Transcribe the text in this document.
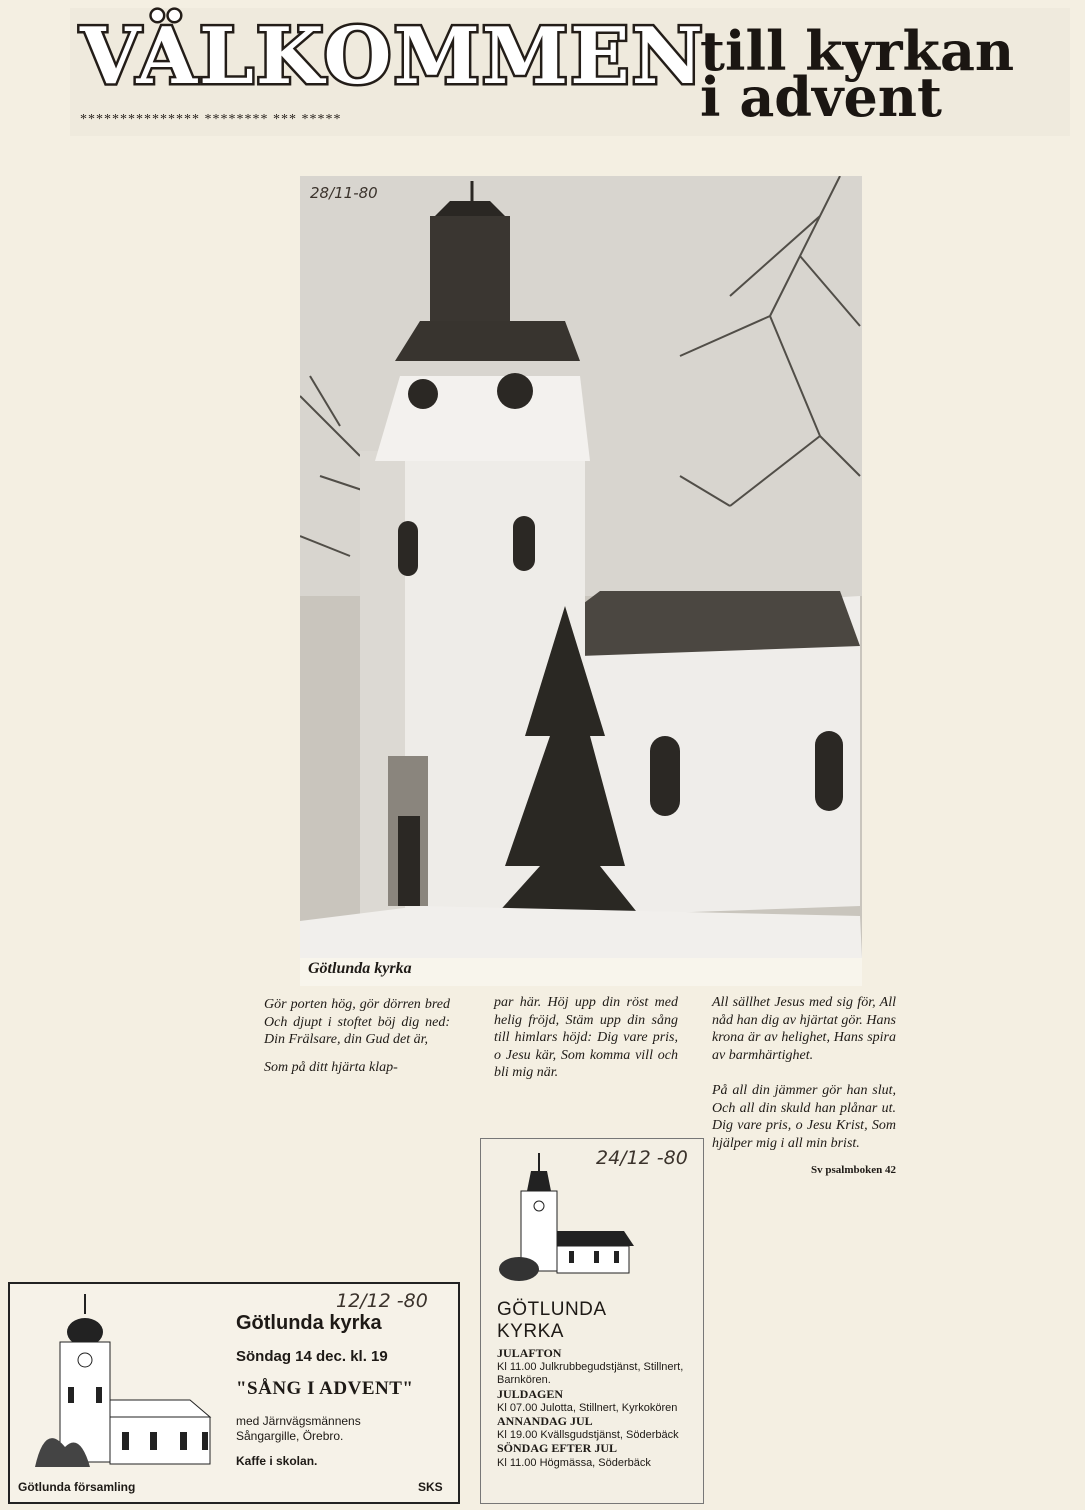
VÄLKOMMEN
*************** ******** *** *****
till kyrkan
i advent
28/11-80
Götlunda kyrka

Gör porten hög, gör dörren bred Och djupt i stoftet böj dig ned: Din Frälsare, din Gud det är,

Som på ditt hjärta klap-

par här. Höj upp din röst med helig fröjd, Stäm upp din sång till himlars höjd: Dig vare pris, o Jesu kär, Som komma vill och bli mig när.

All sällhet Jesus med sig för, All nåd han dig av hjärtat gör. Hans krona är av helighet, Hans spira av barmhärtighet.

På all din jämmer gör han slut, Och all din skuld han plånar ut. Dig vare pris, o Jesu Krist, Som hjälper mig i all min brist.

Sv psalmboken 42
24/12 -80
GÖTLUNDA
KYRKA
JULAFTON
Kl 11.00 Julkrubbegudstjänst, Stillnert, Barnkören.
JULDAGEN
Kl 07.00 Julotta, Stillnert, Kyrkokören
ANNANDAG JUL
Kl 19.00 Kvällsgudstjänst, Söderbäck
SÖNDAG EFTER JUL
Kl 11.00 Högmässa, Söderbäck
12/12 -80
Götlunda kyrka
Söndag 14 dec. kl. 19
"SÅNG I ADVENT"
med Järnvägsmännens Sångargille, Örebro.
Kaffe i skolan.
Götlunda församling	SKS
